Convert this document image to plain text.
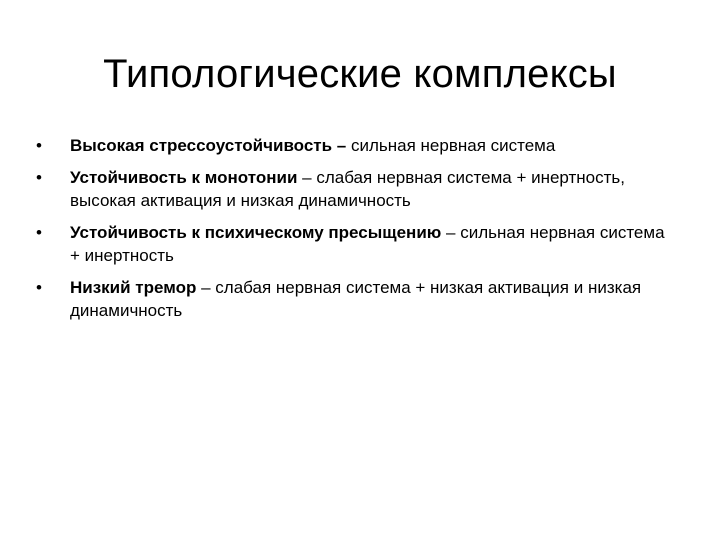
Типологические комплексы
•	Высокая стрессоустойчивость – сильная нервная система
•	Устойчивость к монотонии – слабая нервная система + инертность, высокая активация и низкая динамичность
•	Устойчивость к психическому пресыщению – сильная нервная система + инертность
•	Низкий тремор – слабая нервная система + низкая активация и низкая динамичность
